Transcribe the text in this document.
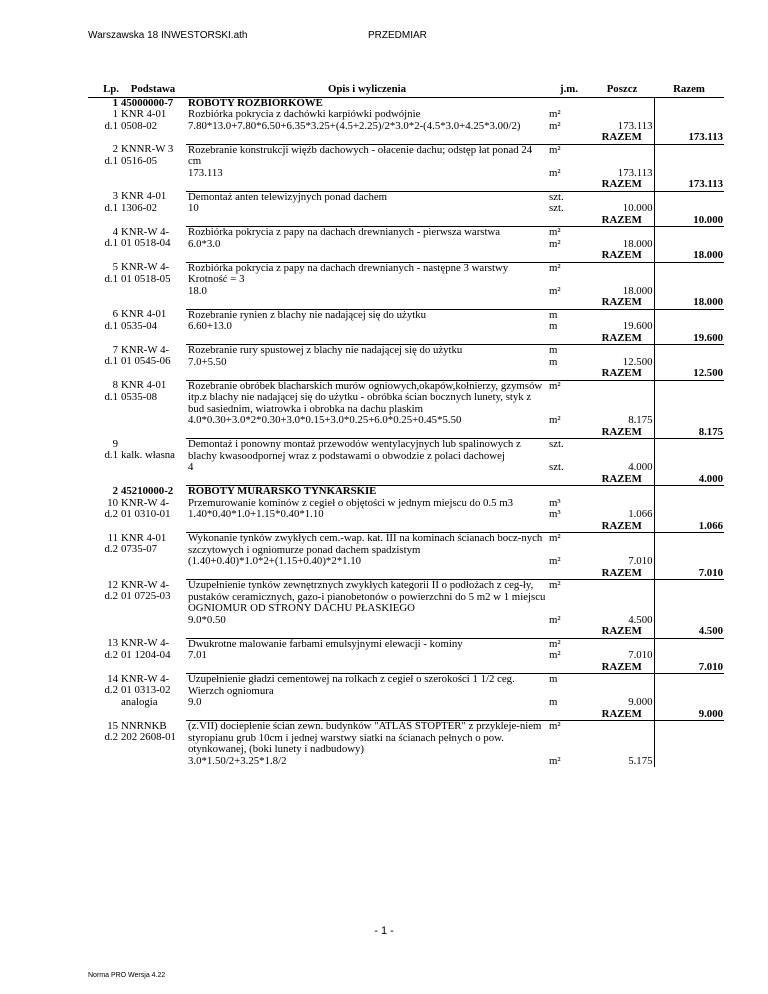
Warszawska 18 INWESTORSKI.ath	PRZEDMIAR
Lp.	Podstawa	Opis i wyliczenia	j.m.	Poszcz	Razem
1	45000000-7	ROBOTY ROZBIÓRKOWE			
1
d.1	KNR 4-01
0508-02	Rozbiórka pokrycia z dachówki karpiówki podwójnie	m²		
		7.80*13.0+7.80*6.50+6.35*3.25+(4.5+2.25)/2*3.0*2-(4.5*3.0+4.25*3.00/2)	m²	173.113	
				RAZEM	173.113
2
d.1	KNNR-W 3
0516-05	Rozebranie konstrukcji więźb dachowych - ołacenie dachu; odstęp łat ponad 24 cm	m²		
		173.113	m²	173.113	
				RAZEM	173.113
3
d.1	KNR 4-01
1306-02	Demontaż anten telewizyjnych ponad dachem	szt.		
		10	szt.	10.000	
				RAZEM	10.000
4
d.1	KNR-W 4-
01 0518-04	Rozbiórka pokrycia z papy na dachach drewnianych - pierwsza warstwa	m²		
		6.0*3.0	m²	18.000	
				RAZEM	18.000
5
d.1	KNR-W 4-
01 0518-05	Rozbiórka pokrycia z papy na dachach drewnianych - następne 3 warstwy Krotność = 3	m²		
		18.0	m²	18.000	
				RAZEM	18.000
6
d.1	KNR 4-01
0535-04	Rozebranie rynien z blachy nie nadającej się do użytku	m		
		6.60+13.0	m	19.600	
				RAZEM	19.600
7
d.1	KNR-W 4-
01 0545-06	Rozebranie rury spustowej z blachy nie nadającej się do użytku	m		
		7.0+5.50	m	12.500	
				RAZEM	12.500
8
d.1	KNR 4-01
0535-08	Rozebranie obróbek blacharskich murów ogniowych,okapów,kołnierzy, gzymsów itp.z blachy nie nadającej się do użytku - obróbka ścian bocznych lunety, styk z bud sasiednim, wiatrowka i obrobka na dachu plaskim	m²		
		4.0*0.30+3.0*2*0.30+3.0*0.15+3.0*0.25+6.0*0.25+0.45*5.50	m²	8.175	
				RAZEM	8.175
9
d.1	
kalk. własna	Demontaż i ponowny montaż przewodów wentylacyjnych lub spalinowych z blachy kwasoodpornej wraz z podstawami o obwodzie z polaci dachowej	szt.		
		4	szt.	4.000	
				RAZEM	4.000
2	45210000-2	ROBOTY MURARSKO TYNKARSKIE			
10
d.2	KNR-W 4-
01 0310-01	Przemurowanie kominów z cegieł o objętości w jednym miejscu do 0.5 m3	m³		
		1.40*0.40*1.0+1.15*0.40*1.10	m³	1.066	
				RAZEM	1.066
11
d.2	KNR 4-01
0735-07	Wykonanie tynków zwykłych cem.-wap. kat. III na kominach ścianach bocz-nych szczytowych i ogniomurze ponad dachem spadzistym	m²		
		(1.40+0.40)*1.0*2+(1.15+0.40)*2*1.10	m²	7.010	
				RAZEM	7.010
12
d.2	KNR-W 4-
01 0725-03	Uzupełnienie tynków zewnętrznych zwykłych kategorii II o podłożach z ceg-ły, pustaków ceramicznych, gazo-i pianobetonów o powierzchni do 5 m2 w 1 miejscu OGNIOMUR OD STRONY DACHU PŁASKIEGO	m²		
		9.0*0.50	m²	4.500	
				RAZEM	4.500
13
d.2	KNR-W 4-
01 1204-04	Dwukrotne malowanie farbami emulsyjnymi elewacji - kominy	m²		
		7.01	m²	7.010	
				RAZEM	7.010
14
d.2	KNR-W 4-
01 0313-02
analogia	Uzupełnienie gładzi cementowej na rolkach z cegieł o szerokości 1 1/2 ceg. Wierzch ogniomura	m		
		9.0	m	9.000	
				RAZEM	9.000
15
d.2	NNRNKB
202 2608-01	(z.VII) docieplenie ścian zewn. budynków "ATLAS STOPTER" z przykleje-niem styropianu grub 10cm i jednej warstwy siatki na ścianach pełnych o pow. otynkowanej, (boki lunety i nadbudowy)	m²		
		3.0*1.50/2+3.25*1.8/2	m²	5.175	

- 1 -
Norma PRO Wersja 4.22
